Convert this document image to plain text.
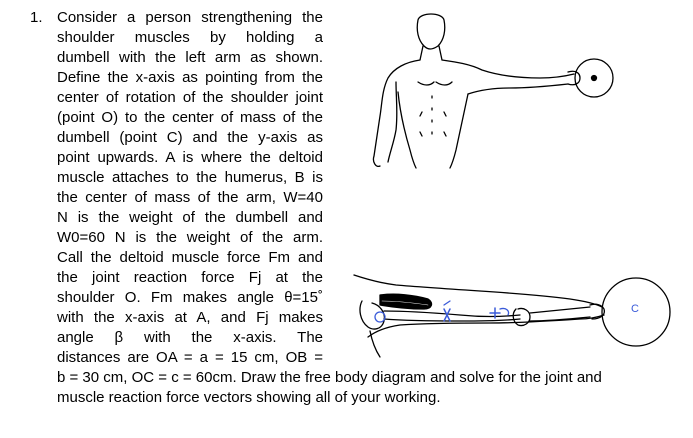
1. Consider a person strengthening the
shoulder muscles by holding a
dumbell with the left arm as shown.
Define the x-axis as pointing from the
center of rotation of the shoulder joint
(point O) to the center of mass of the
dumbell (point C) and the y-axis as
point upwards. A is where the deltoid
muscle attaches to the humerus, B is
the center of mass of the arm, W=40
N is the weight of the dumbell and
W0=60 N is the weight of the arm.
Call the deltoid muscle force Fm and
the joint reaction force Fj at the
shoulder O. Fm makes angle θ=15˚
with the x-axis at A, and Fj makes
angle β with the x-axis. The
distances are OA = a = 15 cm, OB =
b = 30 cm, OC = c = 60cm. Draw the free body diagram and solve for the joint and
muscle reaction force vectors showing all of your working.
C
